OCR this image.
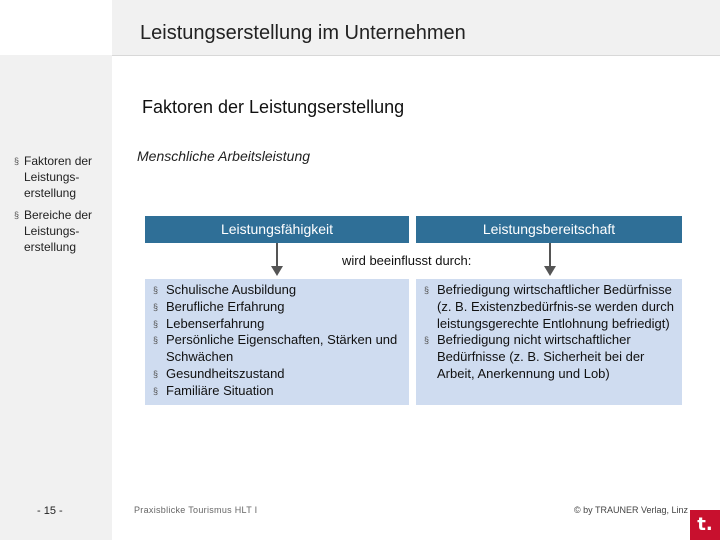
Leistungserstellung im Unternehmen
Faktoren der Leistungserstellung
§ Faktoren der
Leistungs-
erstellung
§ Bereiche der
Leistungs-
erstellung
Menschliche Arbeitsleistung
Leistungsfähigkeit	Leistungsbereitschaft
wird beeinflusst durch:
§ Schulische Ausbildung
§ Berufliche Erfahrung
§ Lebenserfahrung
§ Persönliche Eigenschaften, Stärken und Schwächen
§ Gesundheitszustand
§ Familiäre Situation
§ Befriedigung wirtschaftlicher Bedürfnisse (z. B. Existenzbedürfnis-se werden durch leistungsgerechte Entlohnung befriedigt)
§ Befriedigung nicht wirtschaftlicher Bedürfnisse (z. B. Sicherheit bei der Arbeit, Anerkennung und Lob)
- 15 -	Praxisblicke Tourismus HLT I	© by TRAUNER Verlag, Linz
t.
